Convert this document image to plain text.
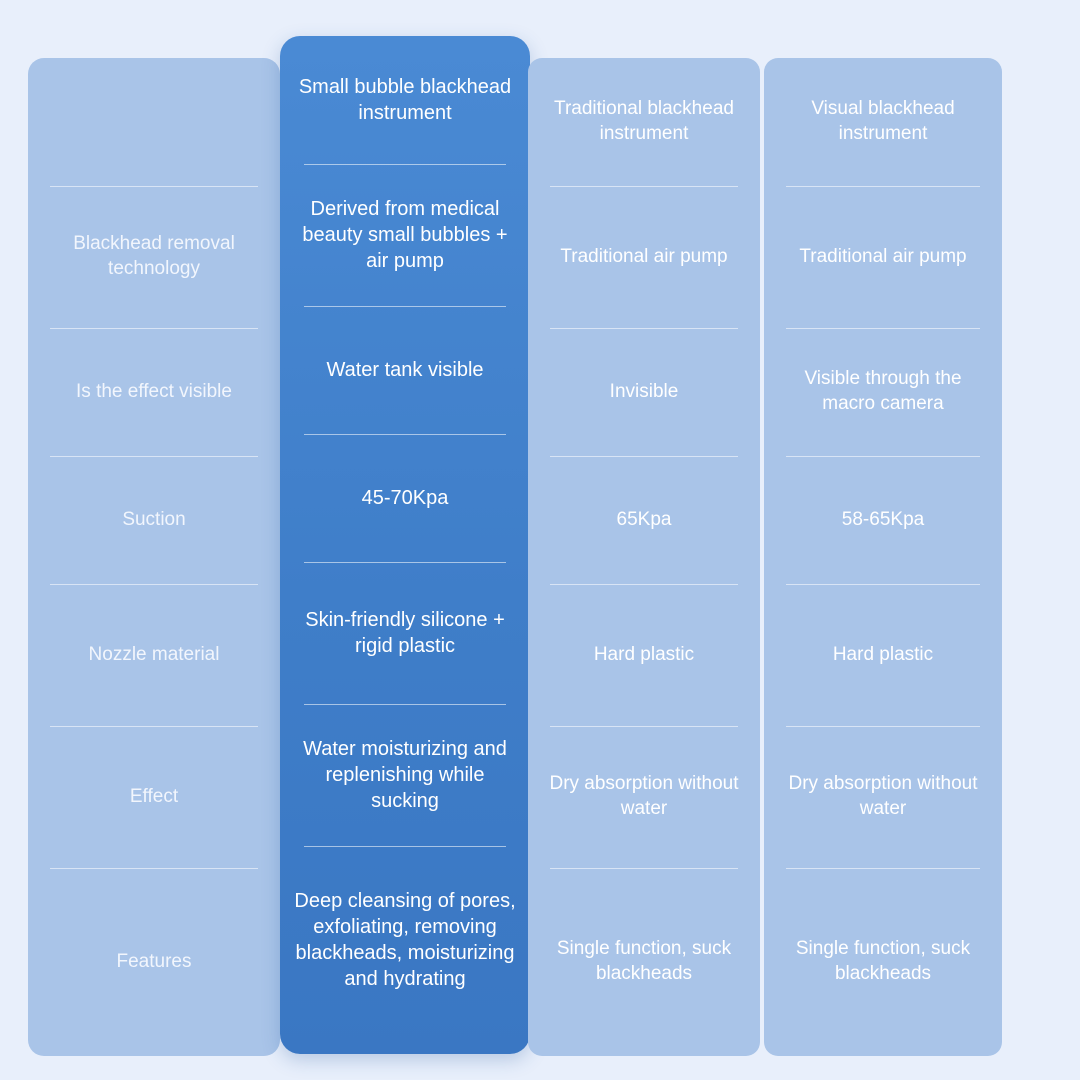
Blackhead removal technology
Is the effect visible
Suction
Nozzle material
Effect
Features
Small bubble blackhead instrument
Derived from medical beauty small bubbles + air pump
Water tank visible
45-70Kpa
Skin-friendly silicone + rigid plastic
Water moisturizing and replenishing while sucking
Deep cleansing of pores, exfoliating, removing blackheads, moisturizing and hydrating
Traditional blackhead instrument
Traditional air pump
Invisible
65Kpa
Hard plastic
Dry absorption without water
Single function, suck blackheads
Visual blackhead instrument
Traditional air pump
Visible through the macro camera
58-65Kpa
Hard plastic
Dry absorption without water
Single function, suck blackheads
